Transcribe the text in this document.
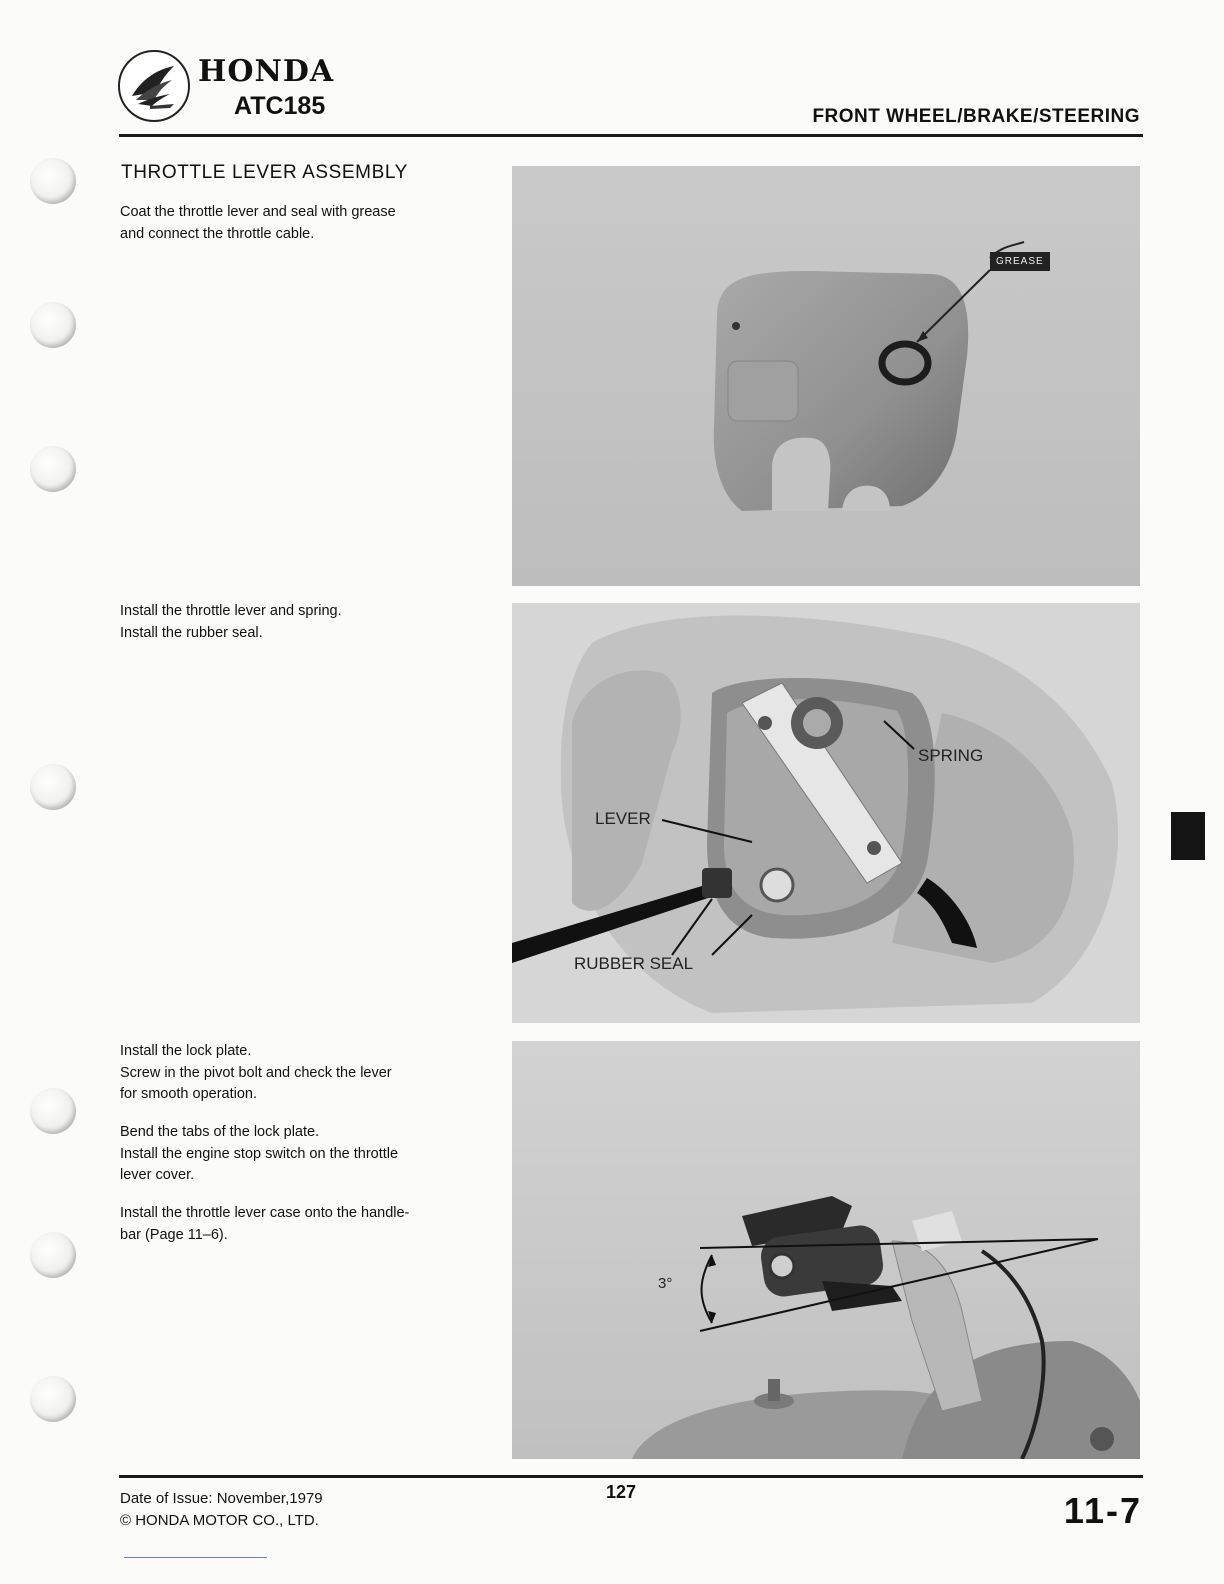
HONDA
ATC185	FRONT WHEEL/BRAKE/STEERING
THROTTLE LEVER ASSEMBLY

Coat the throttle lever and seal with grease
and connect the throttle cable.

Install the throttle lever and spring.
Install the rubber seal.

Install the lock plate.
Screw in the pivot bolt and check the lever
for smooth operation.

Bend the tabs of the lock plate.
Install the engine stop switch on the throttle
lever cover.

Install the throttle lever case onto the handle-
bar (Page 11–6).

GREASE
SPRING
LEVER
RUBBER SEAL
3°
Date of Issue: November,1979
© HONDA MOTOR CO., LTD.
127	11-7
